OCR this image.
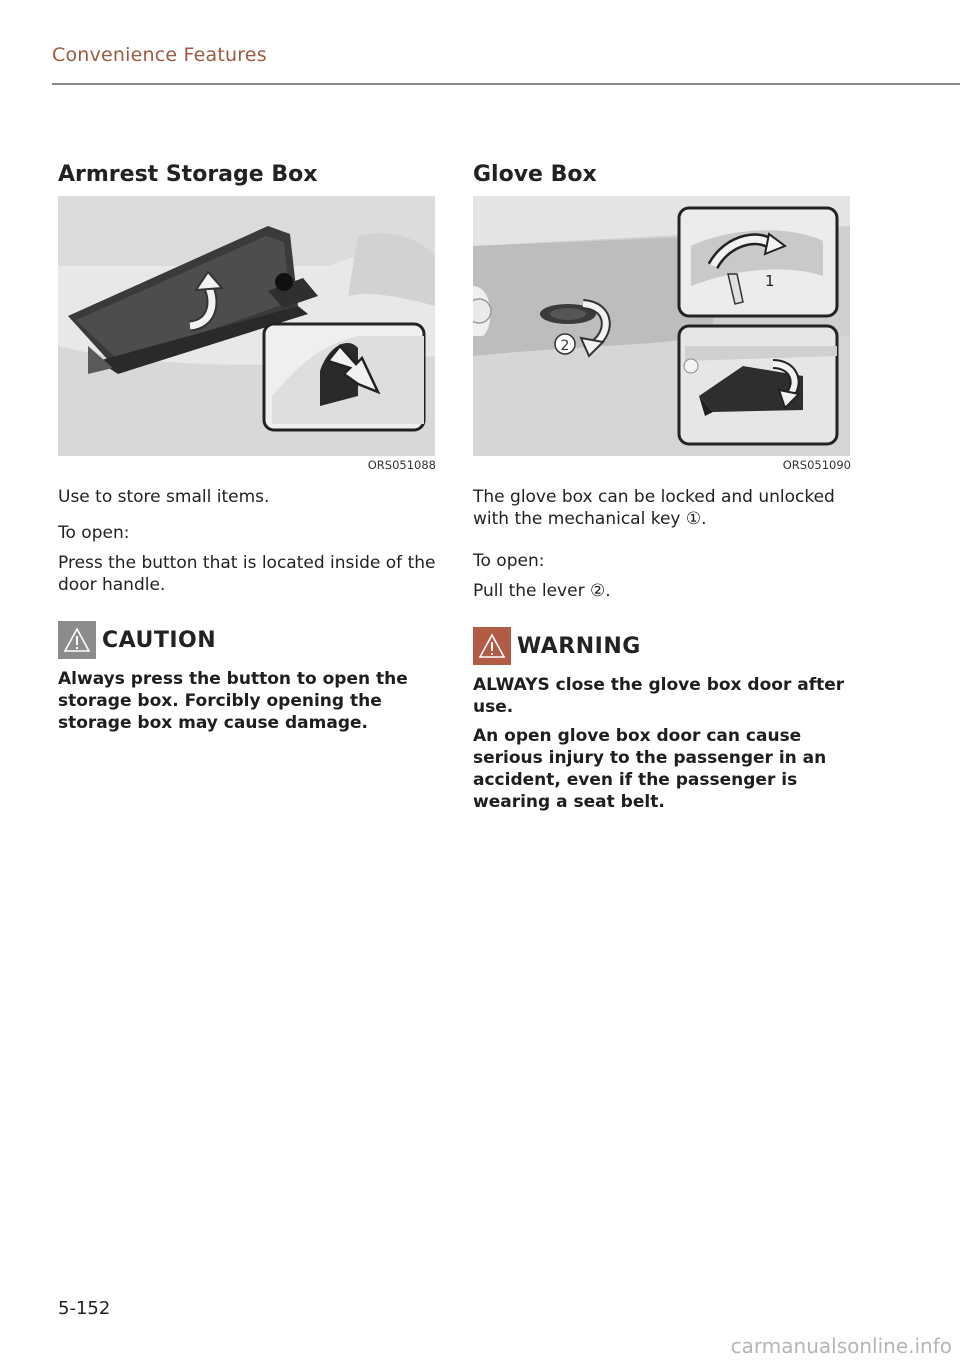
Convenience Features
Armrest Storage Box
ORS051088

Use to store small items.

To open:

Press the button that is located inside of the door handle.

CAUTION

Always press the button to open the storage box. Forcibly opening the storage box may cause damage.

Glove Box
2
1
ORS051090

The glove box can be locked and unlocked with the mechanical key ①.

To open:

Pull the lever ②.

WARNING

ALWAYS close the glove box door after use.

An open glove box door can cause serious injury to the passenger in an accident, even if the passenger is wearing a seat belt.

5-152
carmanualsonline.info
